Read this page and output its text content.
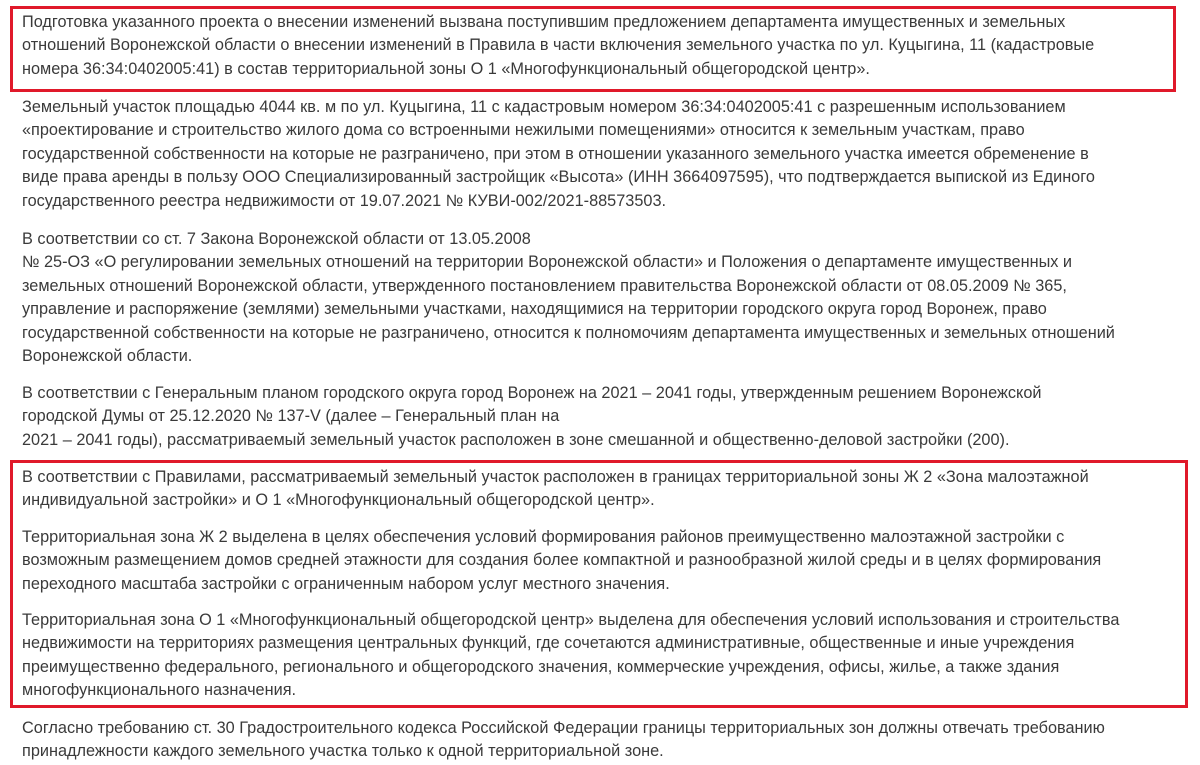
Подготовка указанного проекта о внесении изменений вызвана поступившим предложением департамента имущественных и земельных
отношений Воронежской области о внесении изменений в Правила в части включения земельного участка по ул. Куцыгина, 11 (кадастровые
номера 36:34:0402005:41) в состав территориальной зоны О 1 «Многофункциональный общегородской центр».

Земельный участок площадью 4044 кв. м по ул. Куцыгина, 11 с кадастровым номером 36:34:0402005:41 с разрешенным использованием
«проектирование и строительство жилого дома со встроенными нежилыми помещениями» относится к земельным участкам, право
государственной собственности на которые не разграничено, при этом в отношении указанного земельного участка имеется обременение в
виде права аренды в пользу ООО Специализированный застройщик «Высота» (ИНН 3664097595), что подтверждается выпиской из Единого
государственного реестра недвижимости от 19.07.2021 № КУВИ-002/2021-88573503.

В соответствии со ст. 7 Закона Воронежской области от 13.05.2008
№ 25-ОЗ «О регулировании земельных отношений на территории Воронежской области» и Положения о департаменте имущественных и
земельных отношений Воронежской области, утвержденного постановлением правительства Воронежской области от 08.05.2009 № 365,
управление и распоряжение (землями) земельными участками, находящимися на территории городского округа город Воронеж, право
государственной собственности на которые не разграничено, относится к полномочиям департамента имущественных и земельных отношений
Воронежской области.

В соответствии с Генеральным планом городского округа город Воронеж на 2021 – 2041 годы, утвержденным решением Воронежской
городской Думы от 25.12.2020 № 137-V (далее – Генеральный план на
2021 – 2041 годы), рассматриваемый земельный участок расположен в зоне смешанной и общественно-деловой застройки (200).

В соответствии с Правилами, рассматриваемый земельный участок расположен в границах территориальной зоны Ж 2 «Зона малоэтажной
индивидуальной застройки» и О 1 «Многофункциональный общегородской центр».

Территориальная зона Ж 2 выделена в целях обеспечения условий формирования районов преимущественно малоэтажной застройки с
возможным размещением домов средней этажности для создания более компактной и разнообразной жилой среды и в целях формирования
переходного масштаба застройки с ограниченным набором услуг местного значения.

Территориальная зона О 1 «Многофункциональный общегородской центр» выделена для обеспечения условий использования и строительства
недвижимости на территориях размещения центральных функций, где сочетаются административные, общественные и иные учреждения
преимущественно федерального, регионального и общегородского значения, коммерческие учреждения, офисы, жилье, а также здания
многофункционального назначения.

Согласно требованию ст. 30 Градостроительного кодекса Российской Федерации границы территориальных зон должны отвечать требованию
принадлежности каждого земельного участка только к одной территориальной зоне.
